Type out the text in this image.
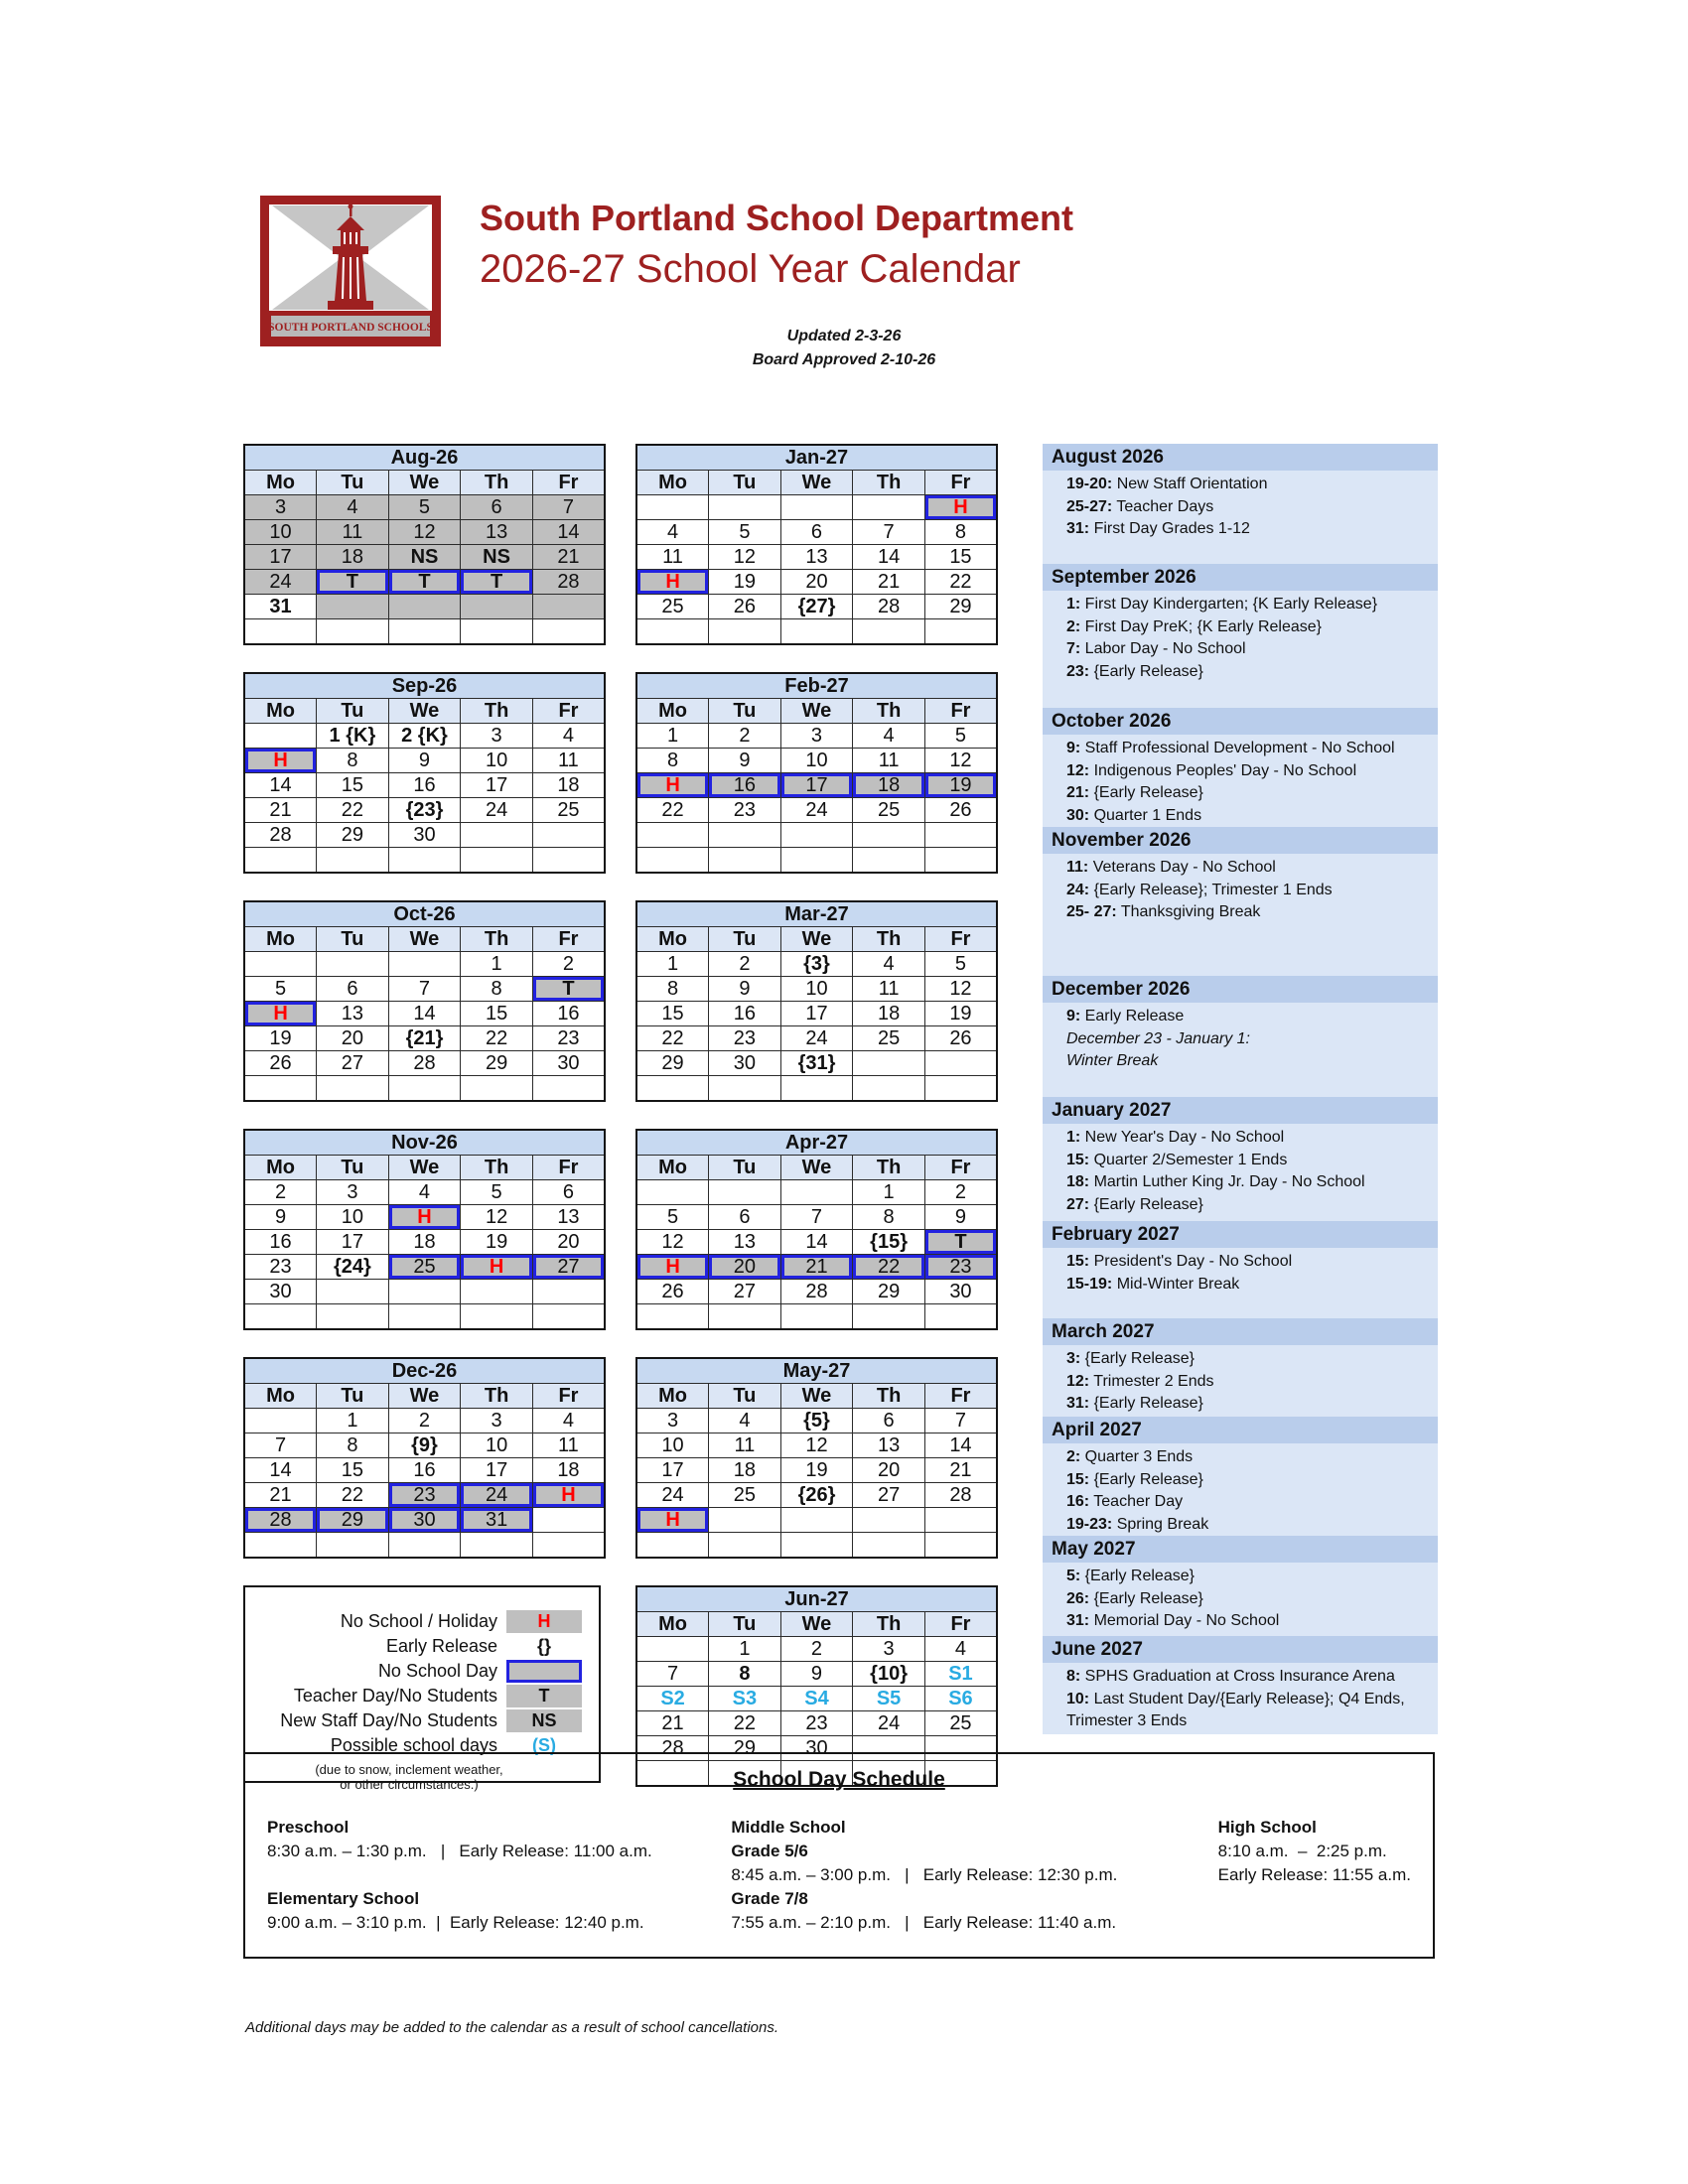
SOUTH PORTLAND SCHOOLS
South Portland School Department
2026-27 School Year Calendar
Updated 2-3-26
Board Approved 2-10-26
Aug-26				
Mo	Tu	We	Th	Fr
3	4	5	6	7
10	11	12	13	14
17	18	NS	NS	21
24	T	T	T	28
31				

Sep-26				
Mo	Tu	We	Th	Fr
	1 {K}	2 {K}	3	4
H	8	9	10	11
14	15	16	17	18
21	22	{23}	24	25
28	29	30		

Oct-26				
Mo	Tu	We	Th	Fr
			1	2
5	6	7	8	T
H	13	14	15	16
19	20	{21}	22	23
26	27	28	29	30

Nov-26				
Mo	Tu	We	Th	Fr
2	3	4	5	6
9	10	H	12	13
16	17	18	19	20
23	{24}	25	H	27
30				

Dec-26				
Mo	Tu	We	Th	Fr
	1	2	3	4
7	8	{9}	10	11
14	15	16	17	18
21	22	23	24	H
28	29	30	31	

No School / Holiday	H
Early Release	{}
No School Day
Teacher Day/No Students	T
New Staff Day/No Students	NS
Possible school days	(S)
(due to snow, inclement weather,
or other circumstances.)
Jan-27				
Mo	Tu	We	Th	Fr
				H
4	5	6	7	8
11	12	13	14	15
H	19	20	21	22
25	26	{27}	28	29

Feb-27				
Mo	Tu	We	Th	Fr
1	2	3	4	5
8	9	10	11	12
H	16	17	18	19
22	23	24	25	26

Mar-27				
Mo	Tu	We	Th	Fr
1	2	{3}	4	5
8	9	10	11	12
15	16	17	18	19
22	23	24	25	26
29	30	{31}		

Apr-27				
Mo	Tu	We	Th	Fr
			1	2
5	6	7	8	9
12	13	14	{15}	T
H	20	21	22	23
26	27	28	29	30

May-27				
Mo	Tu	We	Th	Fr
3	4	{5}	6	7
10	11	12	13	14
17	18	19	20	21
24	25	{26}	27	28
H				

Jun-27				
Mo	Tu	We	Th	Fr
	1	2	3	4
7	8	9	{10}	S1
S2	S3	S4	S5	S6
21	22	23	24	25
28	29	30		

August 2026
19-20: New Staff Orientation
25-27: Teacher Days
31: First Day Grades 1-12
September 2026
1: First Day Kindergarten; {K Early Release}
2: First Day PreK; {K Early Release}
7: Labor Day - No School
23: {Early Release}
October 2026
9: Staff Professional Development - No School
12: Indigenous Peoples' Day - No School
21: {Early Release}
30: Quarter 1 Ends
November 2026
11: Veterans Day - No School
24: {Early Release}; Trimester 1 Ends
25- 27: Thanksgiving Break
December 2026
9: Early Release
December 23 - January 1:
Winter Break
January 2027
1: New Year's Day - No School
15: Quarter 2/Semester 1 Ends
18: Martin Luther King Jr. Day - No School
27: {Early Release}
February 2027
15: President's Day - No School
15-19: Mid-Winter Break
March 2027
3: {Early Release}
12: Trimester 2 Ends
31: {Early Release}
April 2027
2: Quarter 3 Ends
15: {Early Release}
16: Teacher Day
19-23: Spring Break
May 2027
5: {Early Release}
26: {Early Release}
31: Memorial Day - No School
June 2027
8: SPHS Graduation at Cross Insurance Arena
10: Last Student Day/{Early Release}; Q4 Ends, Trimester 3 Ends
School Day Schedule
Preschool
8:30 a.m. – 1:30 p.m.   |   Early Release: 11:00 a.m.
Elementary School
9:00 a.m. – 3:10 p.m.  |  Early Release: 12:40 p.m.
Middle School
Grade 5/6
8:45 a.m. – 3:00 p.m.   |   Early Release: 12:30 p.m.
Grade 7/8
7:55 a.m. – 2:10 p.m.   |   Early Release: 11:40 a.m.
High School
8:10 a.m.  –  2:25 p.m.
Early Release: 11:55 a.m.
Additional days may be added to the calendar as a result of school cancellations.
